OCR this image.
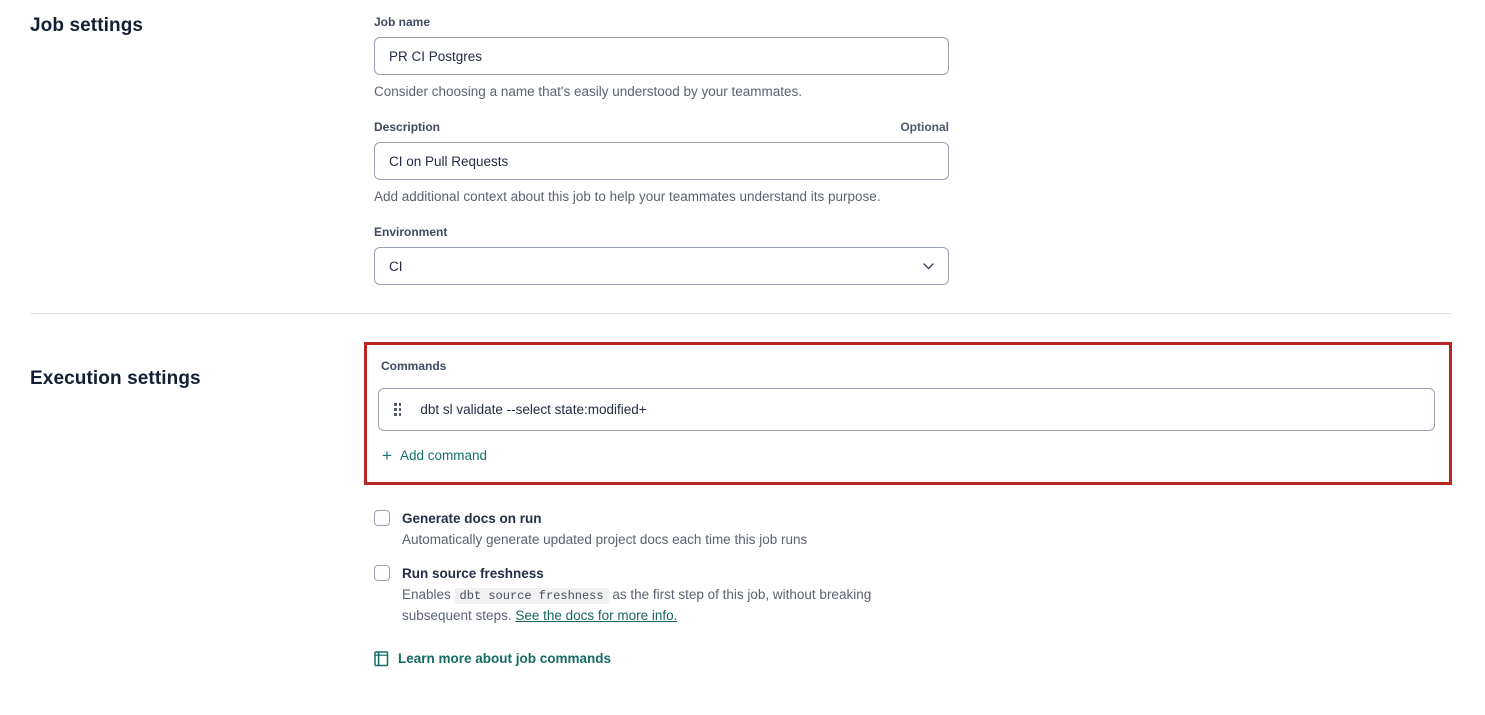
Job settings	Job name
PR CI Postgres

Consider choosing a name that's easily understood by your teammates.

Description	Optional
CI on Pull Requests

Add additional context about this job to help your teammates understand its purpose.

Environment
CI
Execution settings

Commands

dbt sl validate --select state:modified+
+ Add command
Generate docs on run
Automatically generate updated project docs each time this job runs
Run source freshness
Enables dbt source freshness as the first step of this job, without breaking subsequent steps. See the docs for more info.
Learn more about job commands
